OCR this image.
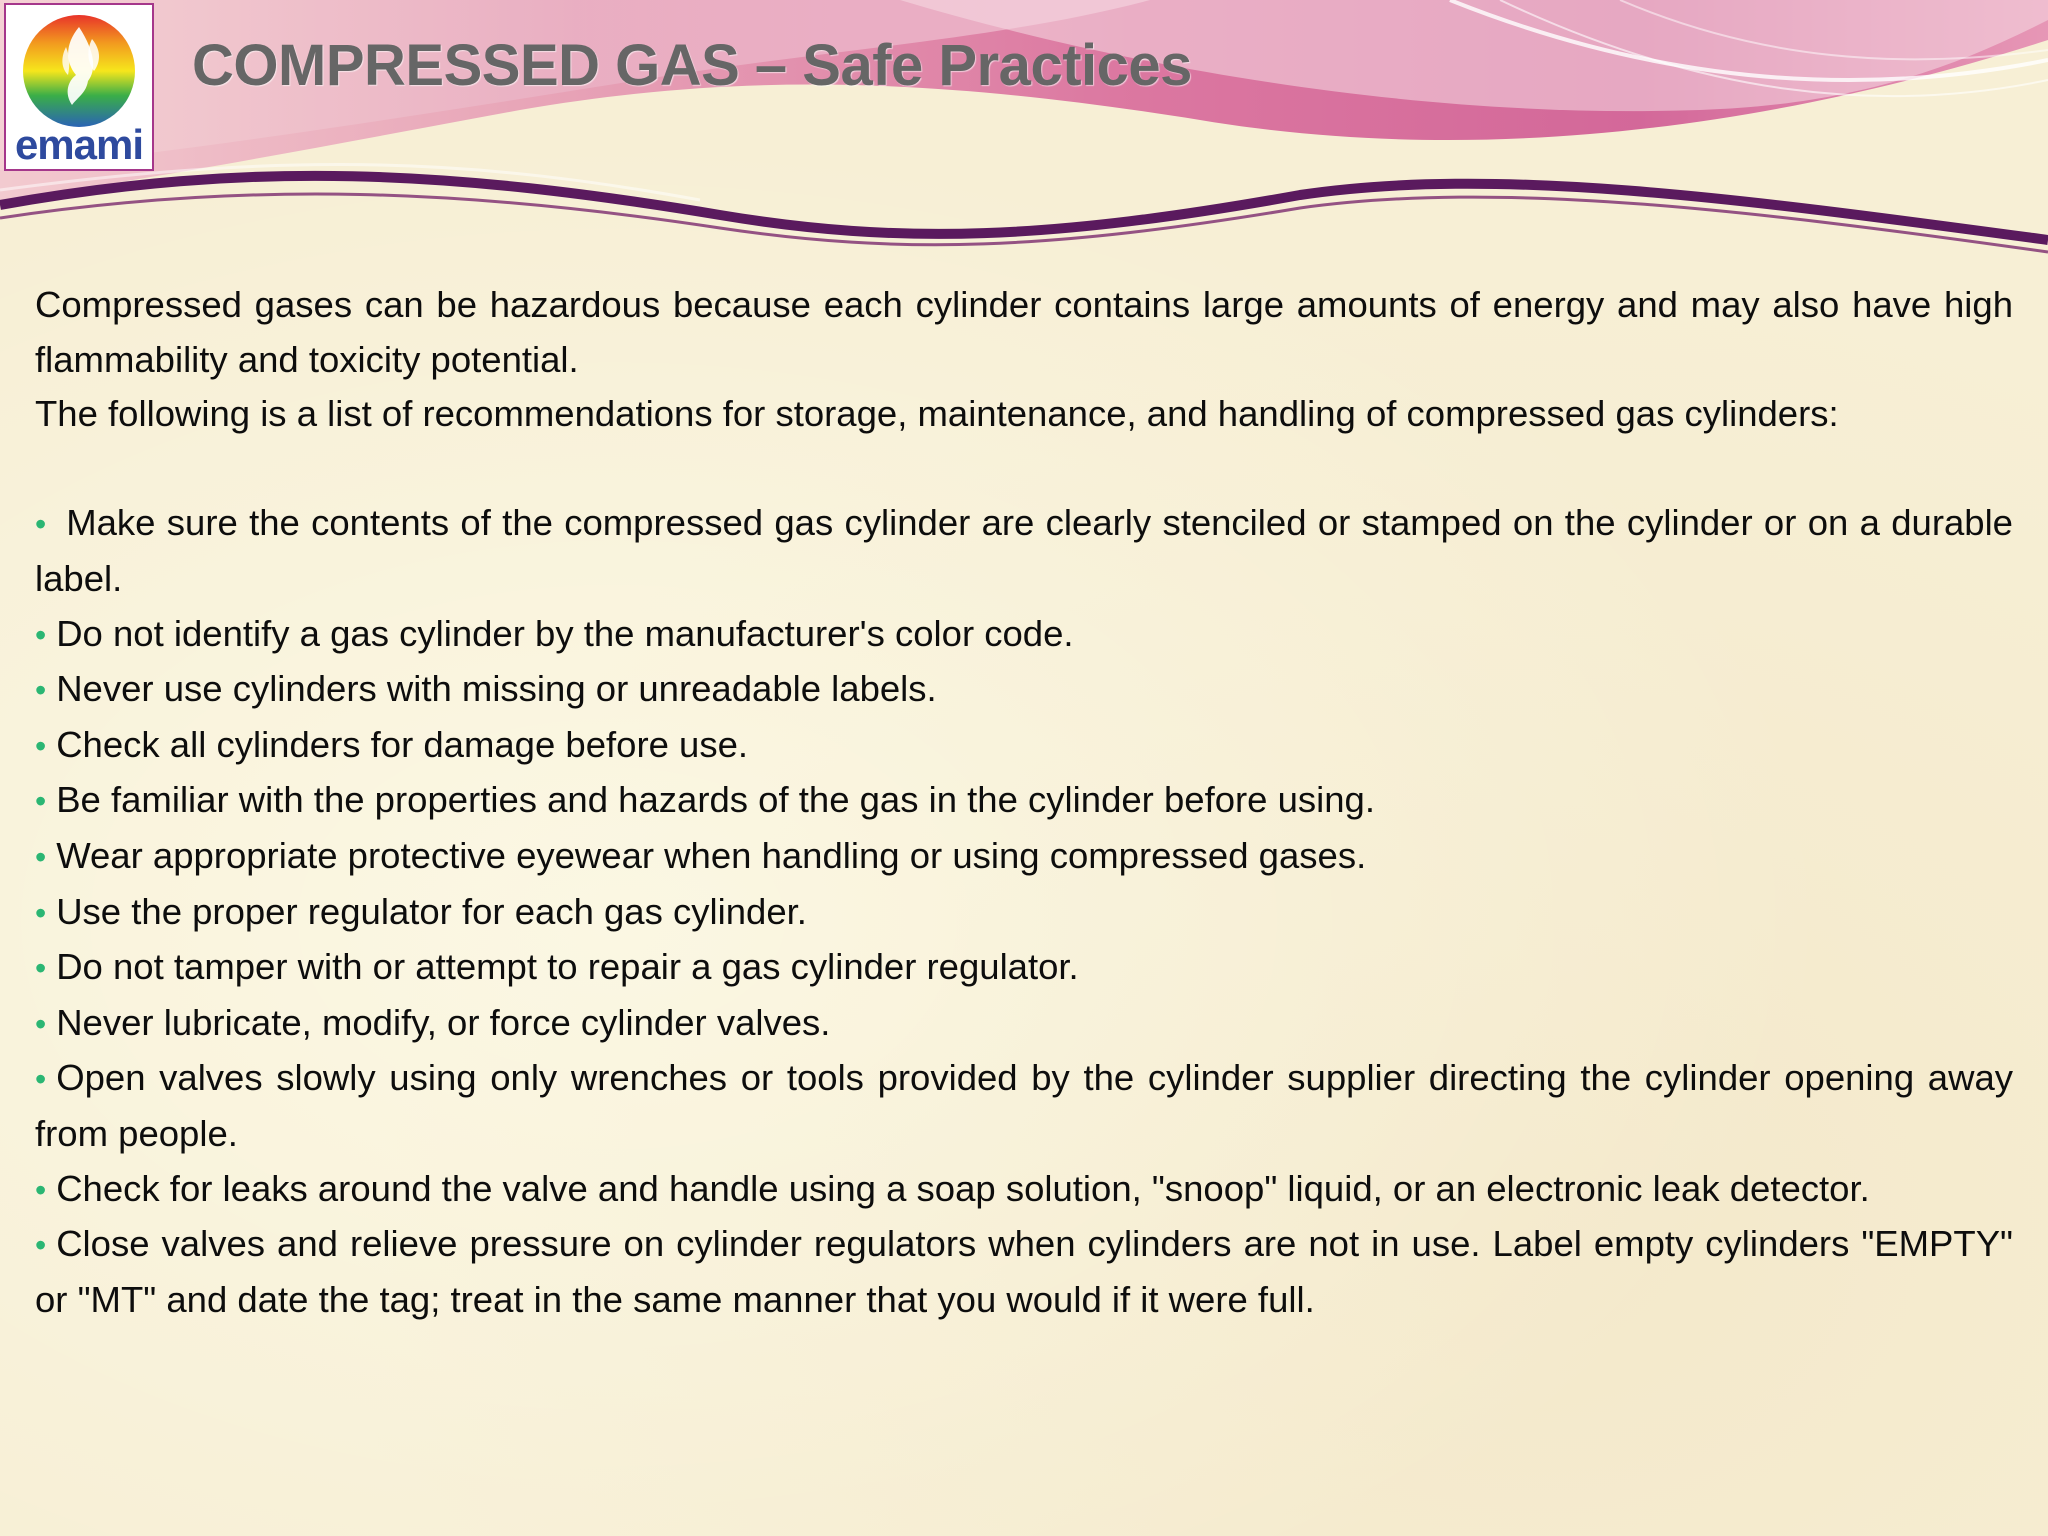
emami
COMPRESSED GAS – Safe Practices

Compressed gases can be hazardous because each cylinder contains large amounts of energy and may also have high flammability and toxicity potential.

The following is a list of recommendations for storage, maintenance, and handling of compressed gas cylinders:

• Make sure the contents of the compressed gas cylinder are clearly stenciled or stamped on the cylinder or on a durable label.
• Do not identify a gas cylinder by the manufacturer's color code.
• Never use cylinders with missing or unreadable labels.
• Check all cylinders for damage before use.
• Be familiar with the properties and hazards of the gas in the cylinder before using.
• Wear appropriate protective eyewear when handling or using compressed gases.
• Use the proper regulator for each gas cylinder.
• Do not tamper with or attempt to repair a gas cylinder regulator.
• Never lubricate, modify, or force cylinder valves.
• Open valves slowly using only wrenches or tools provided by the cylinder supplier directing the cylinder opening away from people.
• Check for leaks around the valve and handle using a soap solution, "snoop" liquid, or an electronic leak detector.
• Close valves and relieve pressure on cylinder regulators when cylinders are not in use. Label empty cylinders "EMPTY" or "MT" and date the tag; treat in the same manner that you would if it were full.
